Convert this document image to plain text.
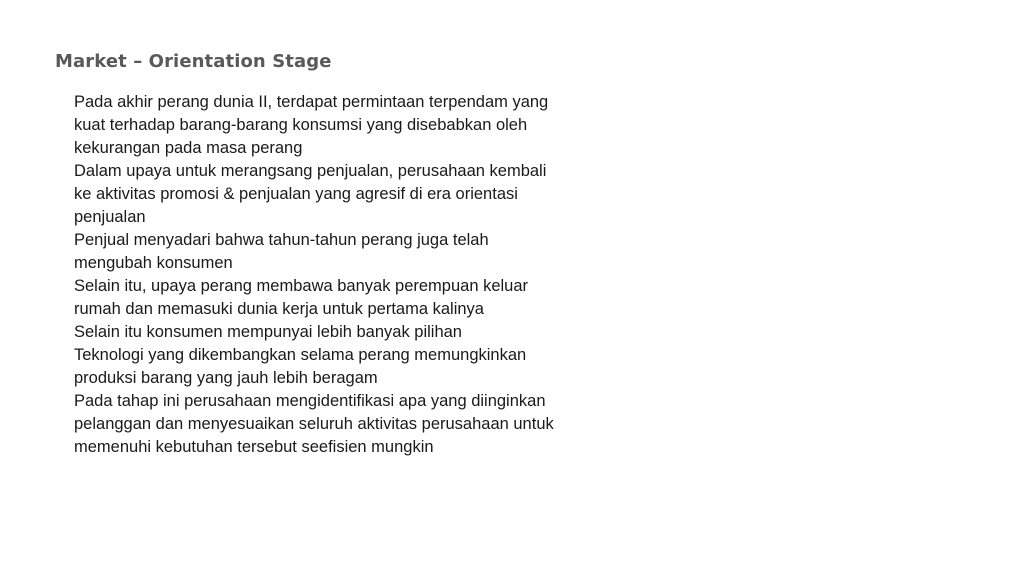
Market – Orientation Stage

Pada akhir perang dunia II, terdapat permintaan terpendam yang kuat terhadap barang-barang konsumsi yang disebabkan oleh kekurangan pada masa perang

Dalam upaya untuk merangsang penjualan, perusahaan kembali ke aktivitas promosi & penjualan yang agresif di era orientasi penjualan

Penjual menyadari bahwa tahun-tahun perang juga telah mengubah konsumen

Selain itu, upaya perang membawa banyak perempuan keluar rumah dan memasuki dunia kerja untuk pertama kalinya

Selain itu konsumen mempunyai lebih banyak pilihan

Teknologi yang dikembangkan selama perang memungkinkan produksi barang yang jauh lebih beragam

Pada tahap ini perusahaan mengidentifikasi apa yang diinginkan pelanggan dan menyesuaikan seluruh aktivitas perusahaan untuk memenuhi kebutuhan tersebut seefisien mungkin
